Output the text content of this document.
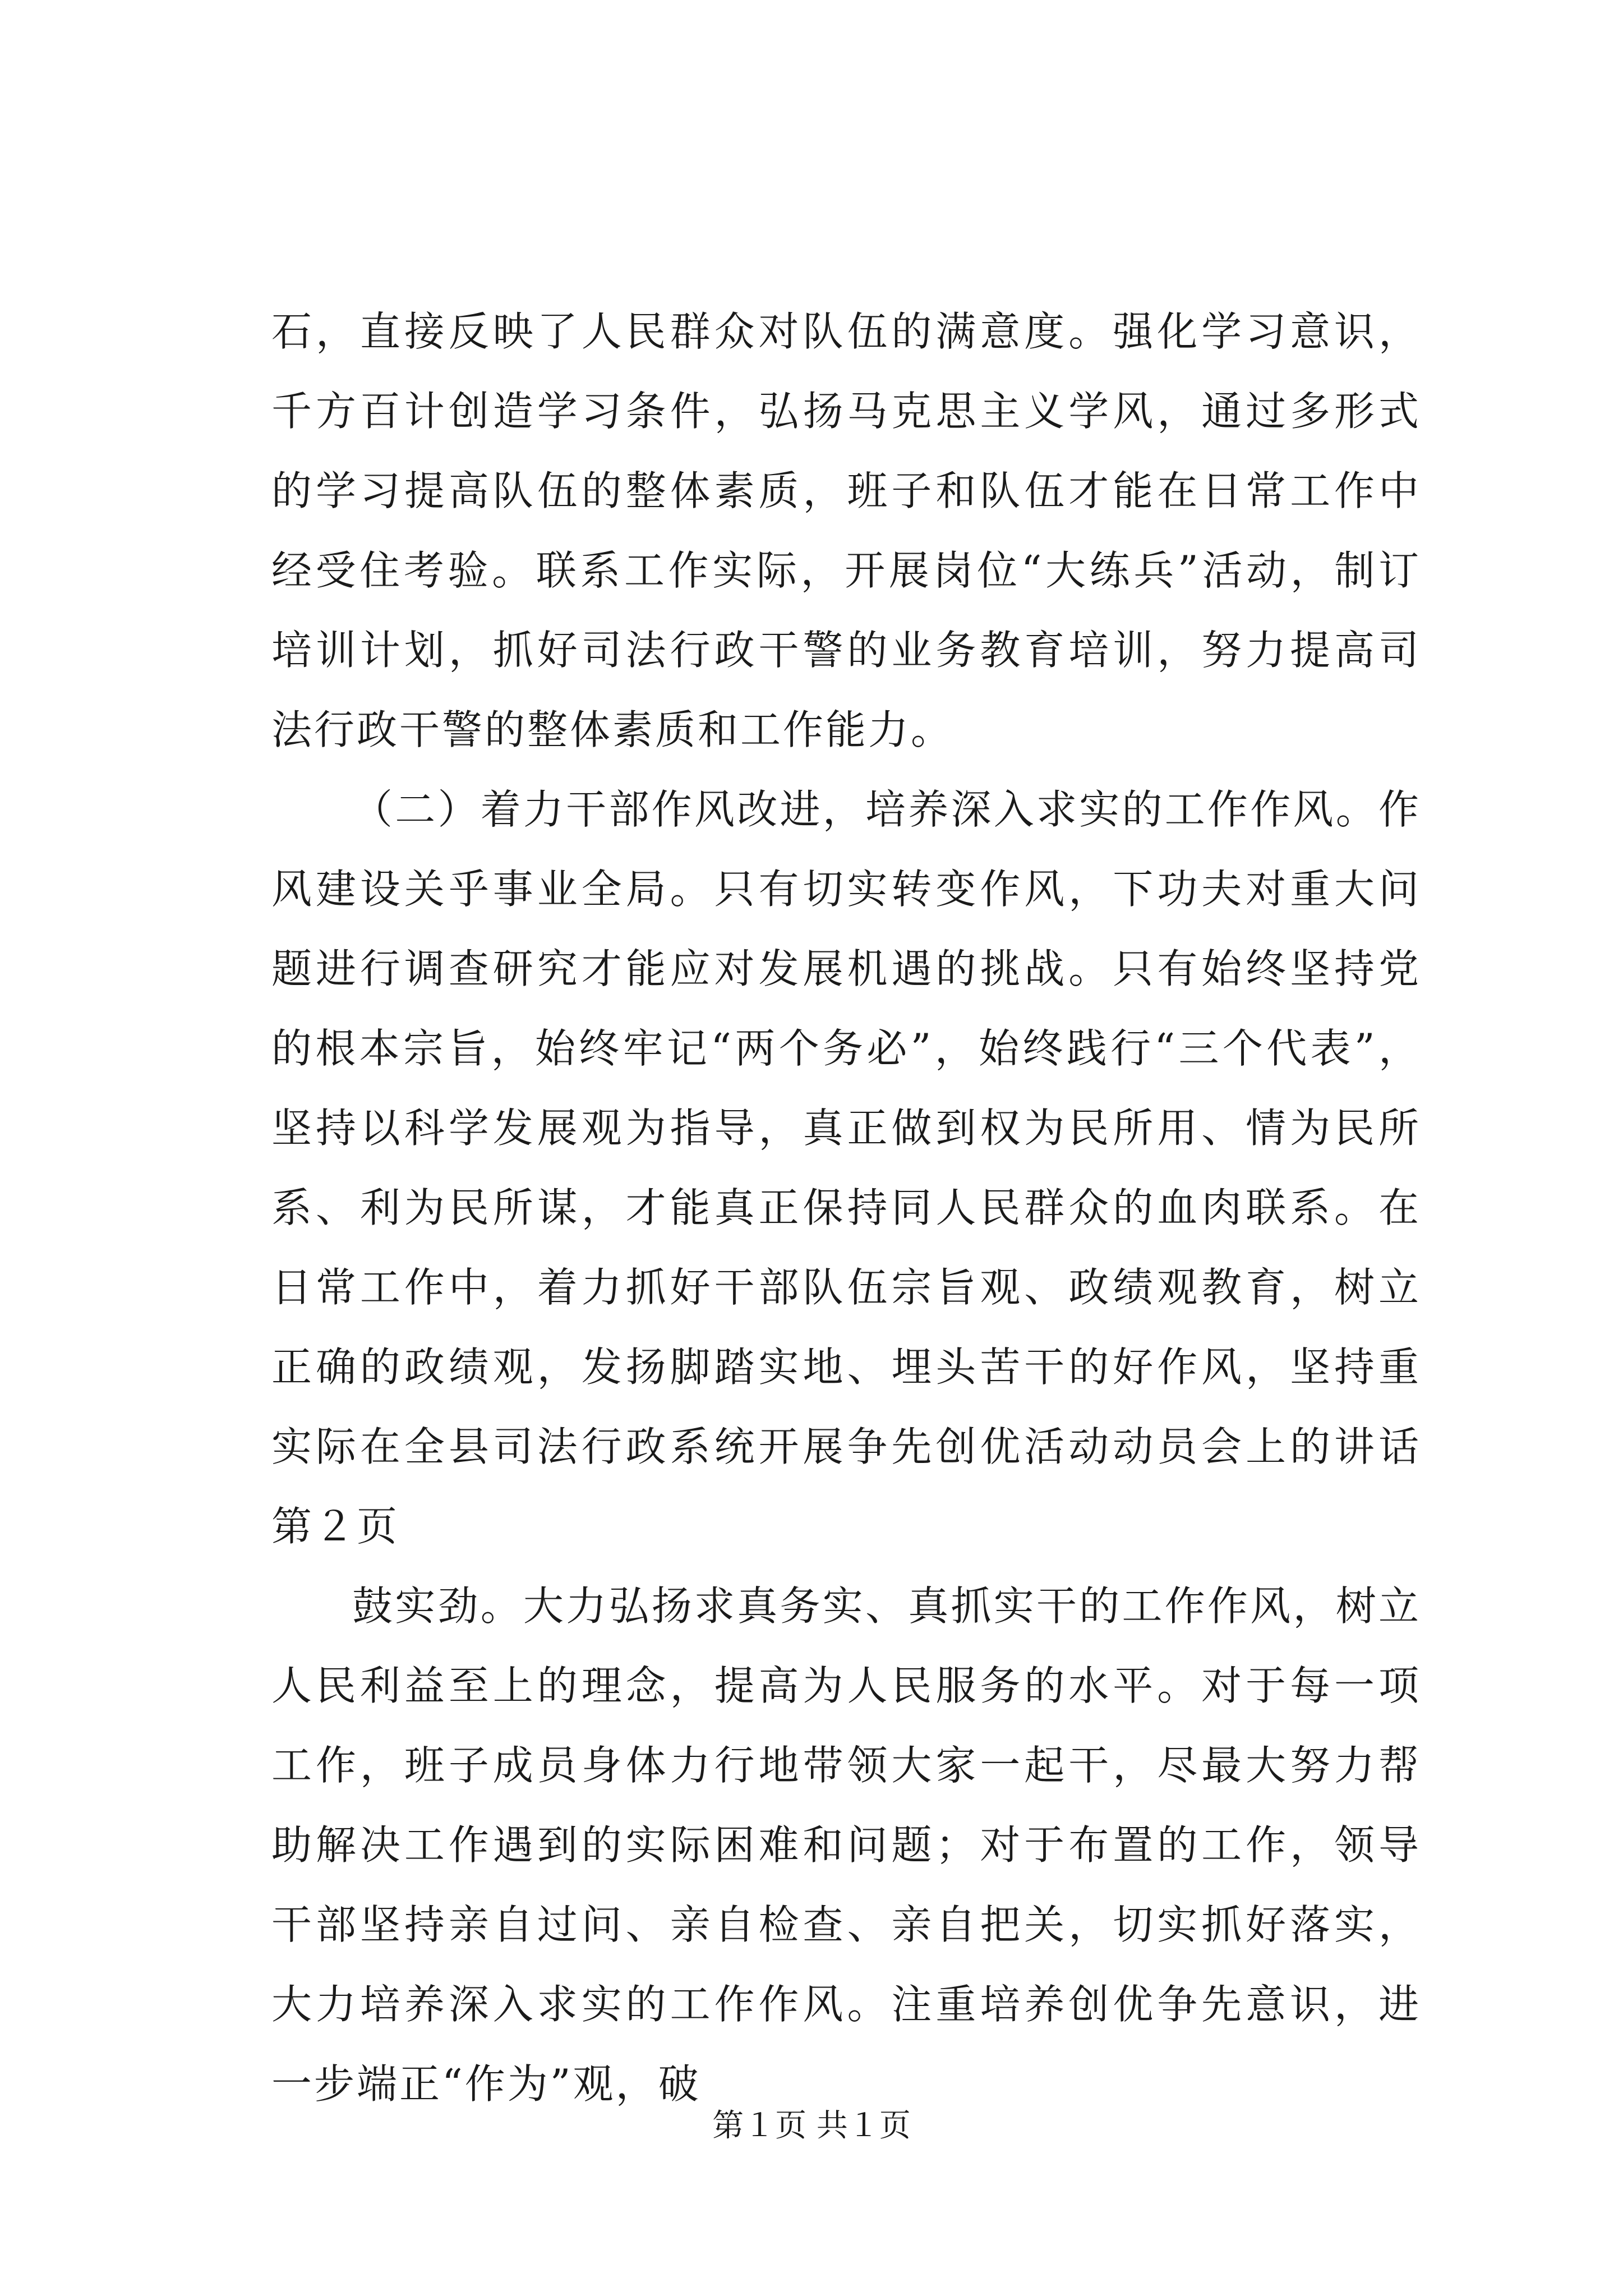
石，直接反映了人民群众对队伍的满意度。强化学习意识，千方百计创造学习条件，弘扬马克思主义学风，通过多形式的学习提高队伍的整体素质，班子和队伍才能在日常工作中经受住考验。联系工作实际，开展岗位“大练兵”活动，制订培训计划，抓好司法行政干警的业务教育培训，努力提高司法行政干警的整体素质和工作能力。

（二）着力干部作风改进，培养深入求实的工作作风。作风建设关乎事业全局。只有切实转变作风，下功夫对重大问题进行调查研究才能应对发展机遇的挑战。只有始终坚持党的根本宗旨，始终牢记“两个务必”，始终践行“三个代表”，坚持以科学发展观为指导，真正做到权为民所用、情为民所系、利为民所谋，才能真正保持同人民群众的血肉联系。在日常工作中，着力抓好干部队伍宗旨观、政绩观教育，树立正确的政绩观，发扬脚踏实地、埋头苦干的好作风，坚持重实际在全县司法行政系统开展争先创优活动动员会上的讲话第２页

鼓实劲。大力弘扬求真务实、真抓实干的工作作风，树立人民利益至上的理念，提高为人民服务的水平。对于每一项工作，班子成员身体力行地带领大家一起干，尽最大努力帮助解决工作遇到的实际困难和问题；对于布置的工作，领导干部坚持亲自过问、亲自检查、亲自把关，切实抓好落实，大力培养深入求实的工作作风。注重培养创优争先意识，进一步端正“作为”观，破

第１页 共１页
